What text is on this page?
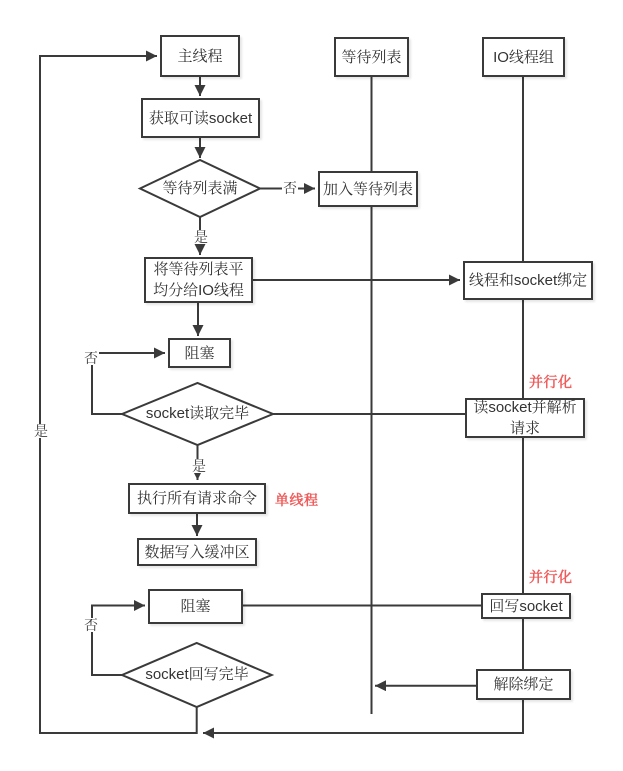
主线程	等待列表	IO线程组
获取可读socket
加入等待列表
将等待列表平均分给IO线程
线程和socket绑定
阻塞
读socket并解析请求
执行所有请求命令
数据写入缓冲区
阻塞	回写socket
解除绑定
等待列表满
socket读取完毕
socket回写完毕
否
是
否
是
否
是
单线程
并行化
并行化
